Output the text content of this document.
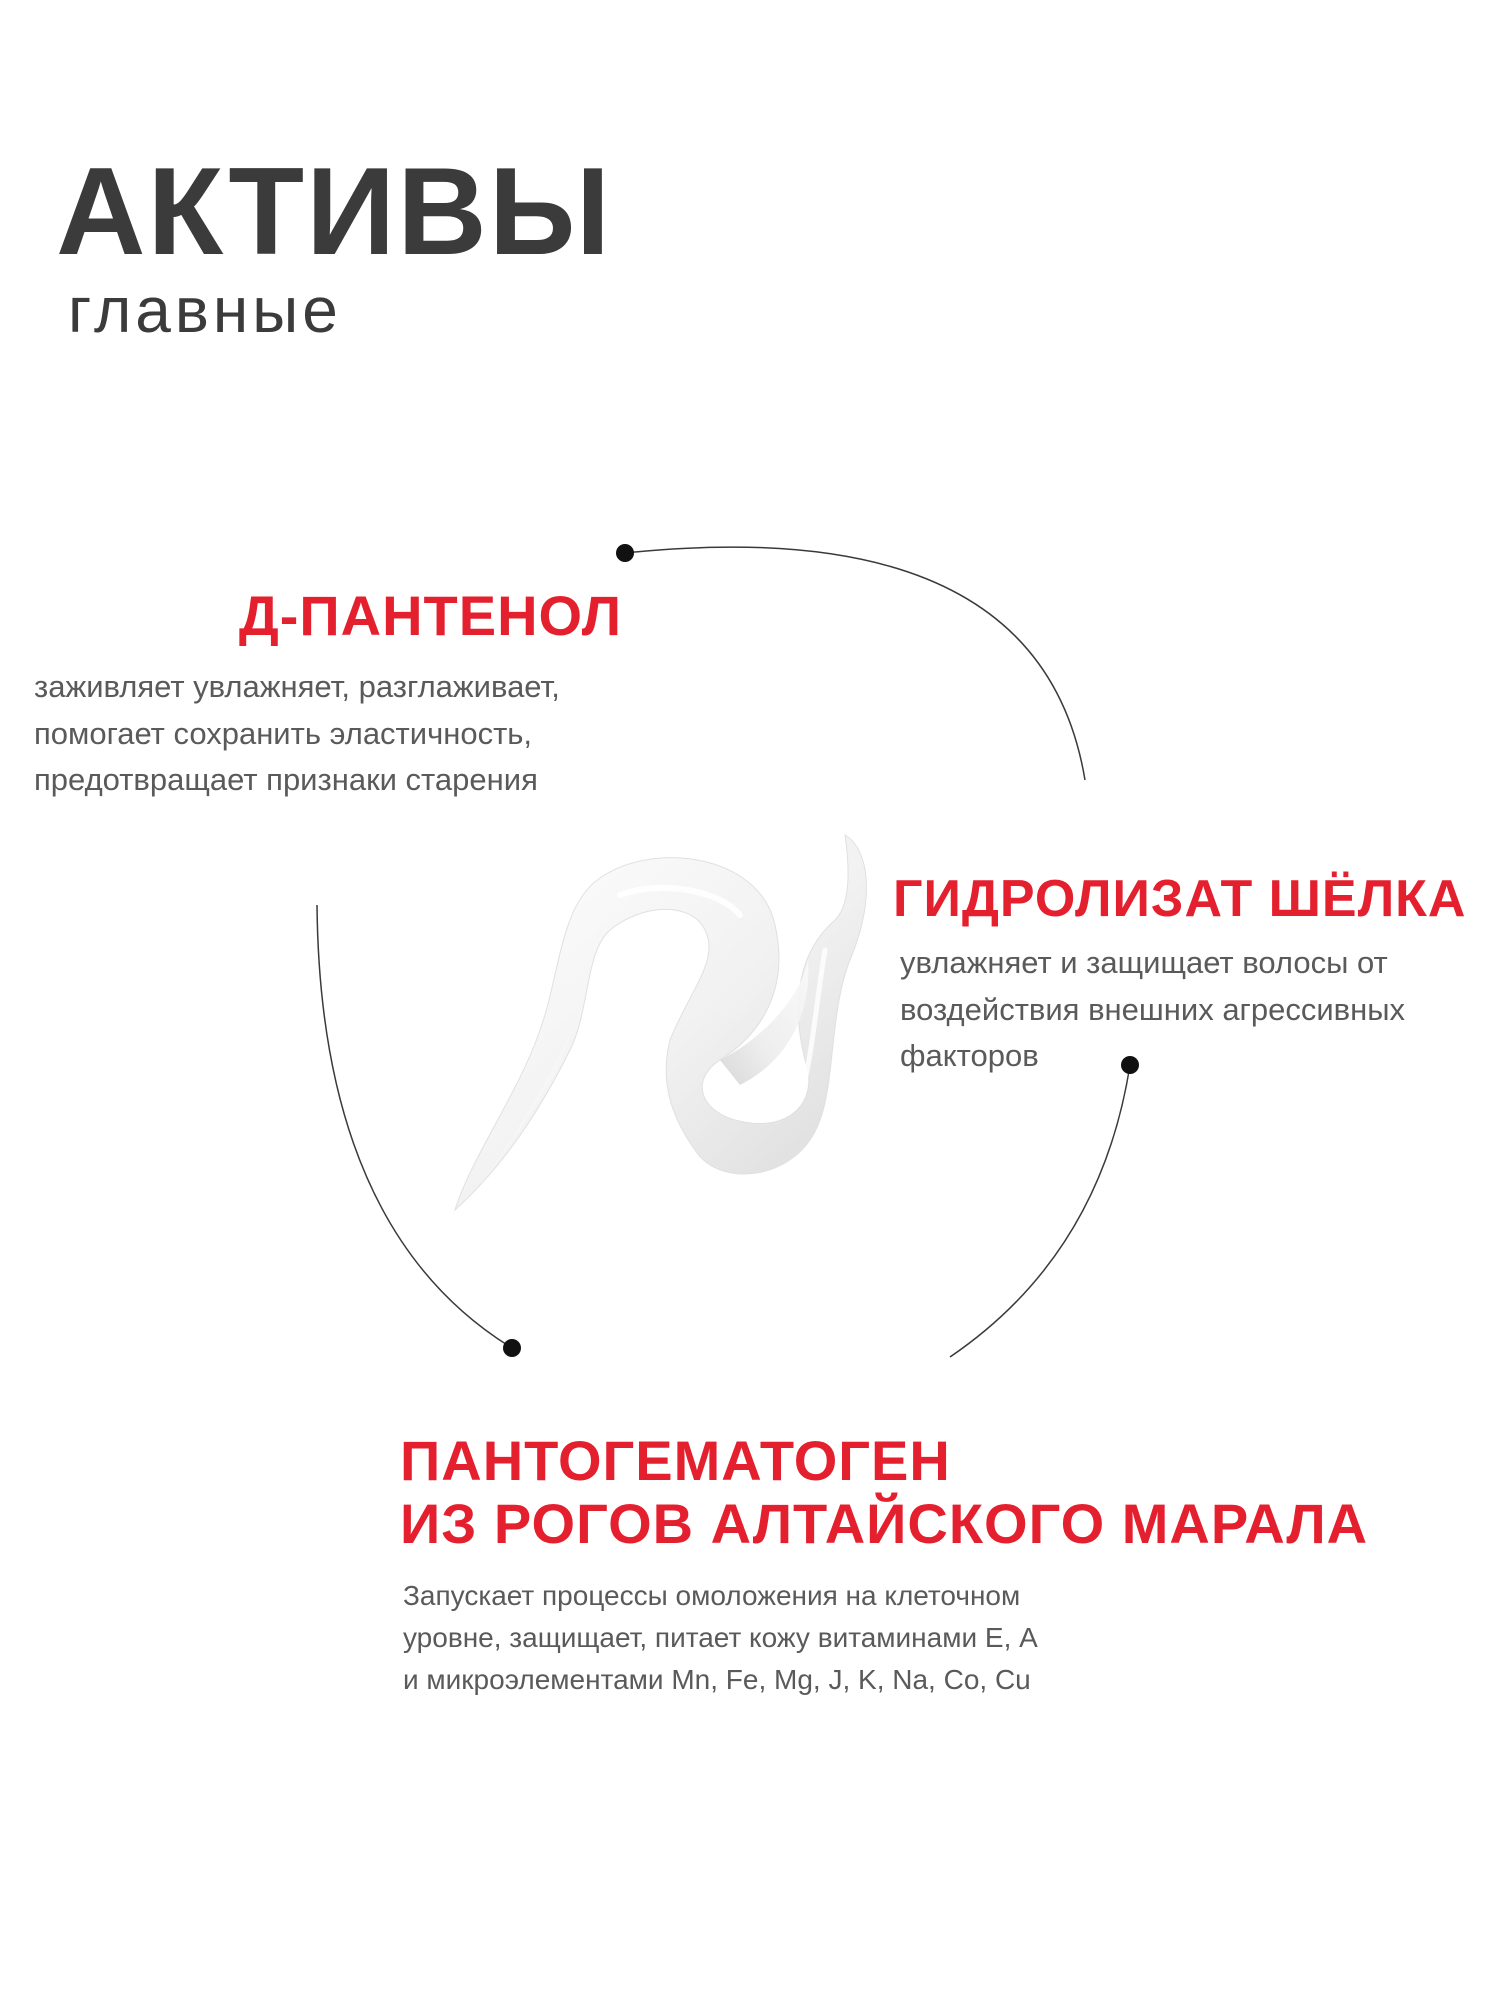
АКТИВЫ
главные
Д-ПАНТЕНОЛ
заживляет увлажняет, разглаживает,
помогает сохранить эластичность,
предотвращает признаки старения
ГИДРОЛИЗАТ ШЁЛКА
увлажняет и защищает волосы от
воздействия внешних агрессивных
факторов
ПАНТОГЕМАТОГЕН
ИЗ РОГОВ АЛТАЙСКОГО МАРАЛА
Запускает процессы омоложения на клеточном
уровне, защищает, питает кожу витаминами Е, А
и микроэлементами Mn, Fe, Mg, J, K, Na, Co, Cu
